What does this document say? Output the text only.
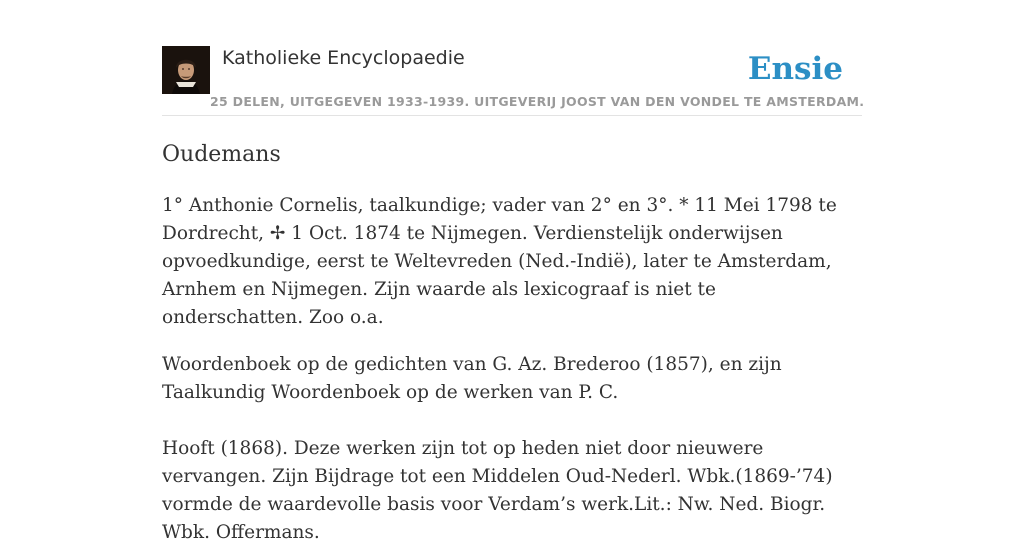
Katholieke Encyclopaedie	Ensie
25 DELEN, UITGEGEVEN 1933-1939. UITGEVERIJ JOOST VAN DEN VONDEL TE AMSTERDAM.
Oudemans

1° Anthonie Cornelis, taalkundige; vader van 2° en 3°. * 11 Mei 1798 te Dordrecht, ✢ 1 Oct. 1874 te Nijmegen. Verdienstelijk onderwijsen opvoedkundige, eerst te Weltevreden (Ned.-Indië), later te Amsterdam, Arnhem en Nijmegen. Zijn waarde als lexicograaf is niet te onderschatten. Zoo o.a.

Woordenboek op de gedichten van G. Az. Brederoo (1857), en zijn Taalkundig Woordenboek op de werken van P. C.

Hooft (1868). Deze werken zijn tot op heden niet door nieuwere vervangen. Zijn Bijdrage tot een Middelen Oud-Nederl. Wbk.(1869-’74) vormde de waardevolle basis voor Verdam’s werk.Lit.: Nw. Ned. Biogr. Wbk. Offermans.
